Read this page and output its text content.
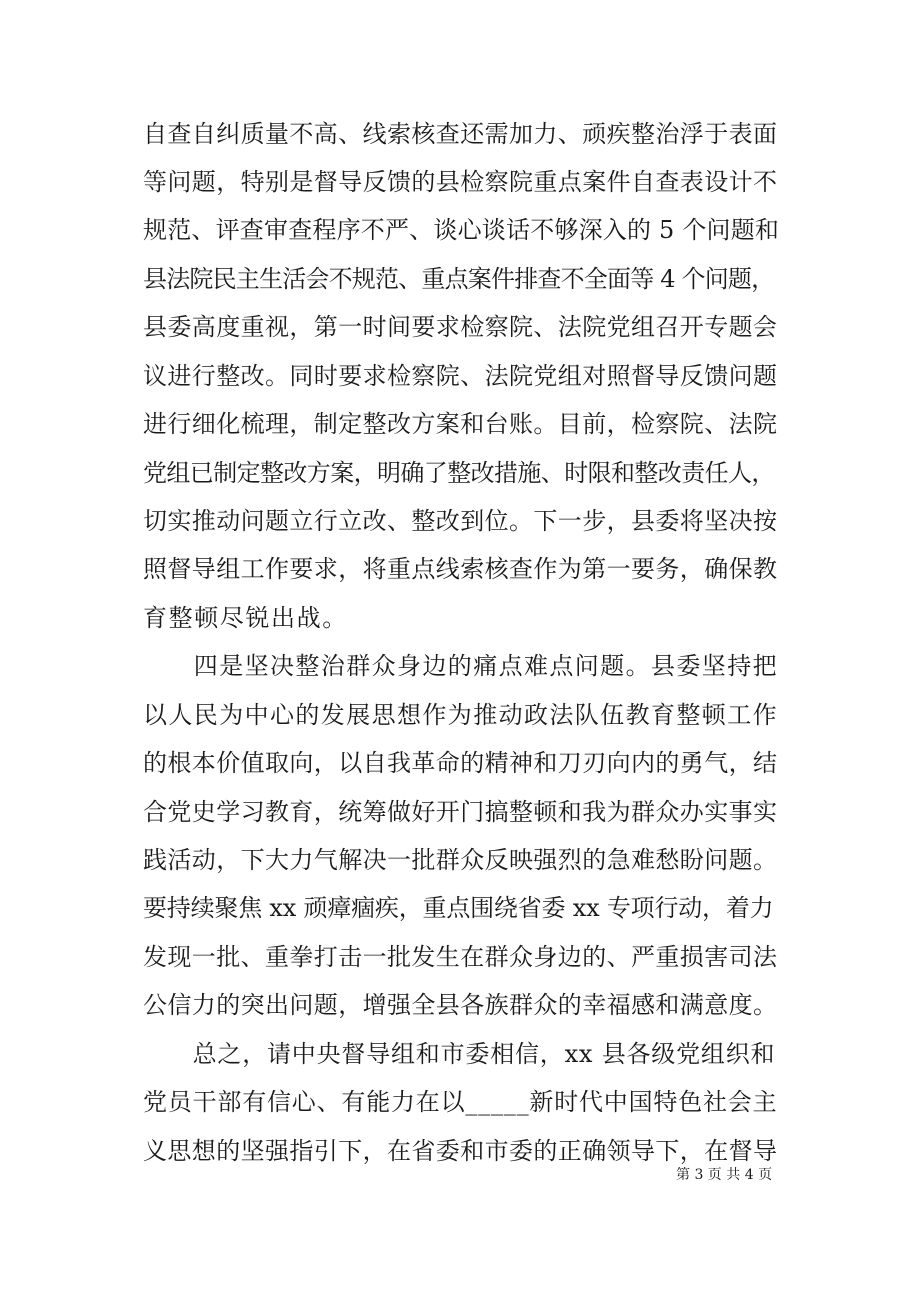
自查自纠质量不高、线索核查还需加力、顽疾整治浮于表面
等问题，特别是督导反馈的县检察院重点案件自查表设计不
规范、评查审查程序不严、谈心谈话不够深入的 5 个问题和
县法院民主生活会不规范、重点案件排查不全面等 4 个问题，
县委高度重视，第一时间要求检察院、法院党组召开专题会
议进行整改。同时要求检察院、法院党组对照督导反馈问题
进行细化梳理，制定整改方案和台账。目前，检察院、法院
党组已制定整改方案，明确了整改措施、时限和整改责任人，
切实推动问题立行立改、整改到位。下一步，县委将坚决按
照督导组工作要求，将重点线索核查作为第一要务，确保教
育整顿尽锐出战。
　　四是坚决整治群众身边的痛点难点问题。县委坚持把
以人民为中心的发展思想作为推动政法队伍教育整顿工作
的根本价值取向，以自我革命的精神和刀刃向内的勇气，结
合党史学习教育，统筹做好开门搞整顿和我为群众办实事实
践活动，下大力气解决一批群众反映强烈的急难愁盼问题。
要持续聚焦 xx 顽瘴痼疾，重点围绕省委 xx 专项行动，着力
发现一批、重拳打击一批发生在群众身边的、严重损害司法
公信力的突出问题，增强全县各族群众的幸福感和满意度。
　　总之，请中央督导组和市委相信，xx 县各级党组织和
党员干部有信心、有能力在以_____新时代中国特色社会主
义思想的坚强指引下，在省委和市委的正确领导下，在督导
第 3 页 共 4 页
